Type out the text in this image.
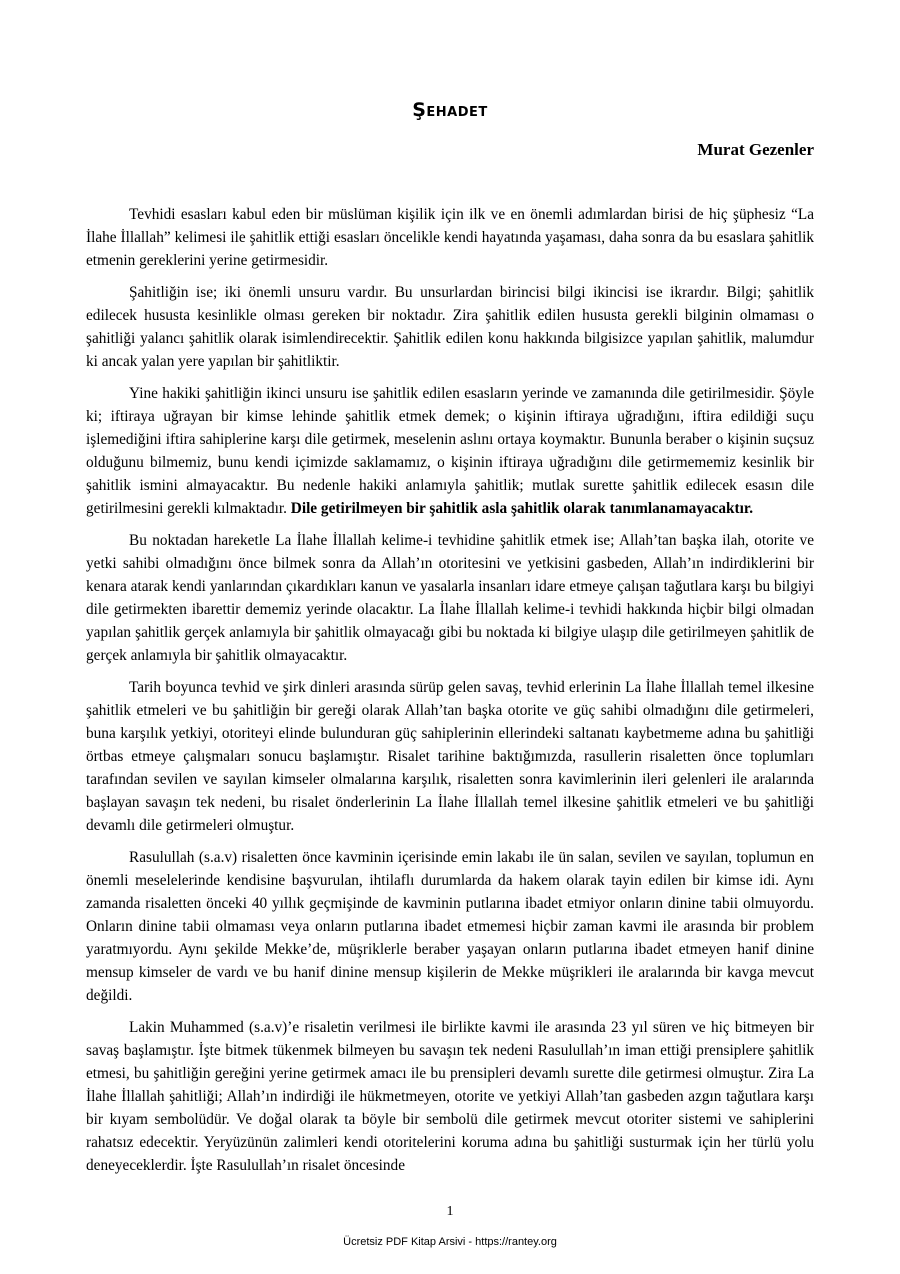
Şehadet

Murat Gezenler

Tevhidi esasları kabul eden bir müslüman kişilik için ilk ve en önemli adımlardan birisi de hiç şüphesiz “La İlahe İllallah” kelimesi ile şahitlik ettiği esasları öncelikle kendi hayatında yaşaması, daha sonra da bu esaslara şahitlik etmenin gereklerini yerine getirmesidir.

Şahitliğin ise; iki önemli unsuru vardır. Bu unsurlardan birincisi bilgi ikincisi ise ikrardır. Bilgi; şahitlik edilecek hususta kesinlikle olması gereken bir noktadır. Zira şahitlik edilen hususta gerekli bilginin olmaması o şahitliği yalancı şahitlik olarak isimlendirecektir. Şahitlik edilen konu hakkında bilgisizce yapılan şahitlik, malumdur ki ancak yalan yere yapılan bir şahitliktir.

Yine hakiki şahitliğin ikinci unsuru ise şahitlik edilen esasların yerinde ve zamanında dile getirilmesidir. Şöyle ki; iftiraya uğrayan bir kimse lehinde şahitlik etmek demek; o kişinin iftiraya uğradığını, iftira edildiği suçu işlemediğini iftira sahiplerine karşı dile getirmek, meselenin aslını ortaya koymaktır. Bununla beraber o kişinin suçsuz olduğunu bilmemiz, bunu kendi içimizde saklamamız, o kişinin iftiraya uğradığını dile getirmememiz kesinlik bir şahitlik ismini almayacaktır. Bu nedenle hakiki anlamıyla şahitlik; mutlak surette şahitlik edilecek esasın dile getirilmesini gerekli kılmaktadır. Dile getirilmeyen bir şahitlik asla şahitlik olarak tanımlanamayacaktır.

Bu noktadan hareketle La İlahe İllallah kelime-i tevhidine şahitlik etmek ise; Allah’tan başka ilah, otorite ve yetki sahibi olmadığını önce bilmek sonra da Allah’ın otoritesini ve yetkisini gasbeden, Allah’ın indirdiklerini bir kenara atarak kendi yanlarından çıkardıkları kanun ve yasalarla insanları idare etmeye çalışan tağutlara karşı bu bilgiyi dile getirmekten ibarettir dememiz yerinde olacaktır. La İlahe İllallah kelime-i tevhidi hakkında hiçbir bilgi olmadan yapılan şahitlik gerçek anlamıyla bir şahitlik olmayacağı gibi bu noktada ki bilgiye ulaşıp dile getirilmeyen şahitlik de gerçek anlamıyla bir şahitlik olmayacaktır.

Tarih boyunca tevhid ve şirk dinleri arasında sürüp gelen savaş, tevhid erlerinin La İlahe İllallah temel ilkesine şahitlik etmeleri ve bu şahitliğin bir gereği olarak Allah’tan başka otorite ve güç sahibi olmadığını dile getirmeleri, buna karşılık yetkiyi, otoriteyi elinde bulunduran güç sahiplerinin ellerindeki saltanatı kaybetmeme adına bu şahitliği örtbas etmeye çalışmaları sonucu başlamıştır. Risalet tarihine baktığımızda, rasullerin risaletten önce toplumları tarafından sevilen ve sayılan kimseler olmalarına karşılık, risaletten sonra kavimlerinin ileri gelenleri ile aralarında başlayan savaşın tek nedeni, bu risalet önderlerinin La İlahe İllallah temel ilkesine şahitlik etmeleri ve bu şahitliği devamlı dile getirmeleri olmuştur.

Rasulullah (s.a.v) risaletten önce kavminin içerisinde emin lakabı ile ün salan, sevilen ve sayılan, toplumun en önemli meselelerinde kendisine başvurulan, ihtilaflı durumlarda da hakem olarak tayin edilen bir kimse idi. Aynı zamanda risaletten önceki 40 yıllık geçmişinde de kavminin putlarına ibadet etmiyor onların dinine tabii olmuyordu. Onların dinine tabii olmaması veya onların putlarına ibadet etmemesi hiçbir zaman kavmi ile arasında bir problem yaratmıyordu. Aynı şekilde Mekke’de, müşriklerle beraber yaşayan onların putlarına ibadet etmeyen hanif dinine mensup kimseler de vardı ve bu hanif dinine mensup kişilerin de Mekke müşrikleri ile aralarında bir kavga mevcut değildi.

Lakin Muhammed (s.a.v)’e risaletin verilmesi ile birlikte kavmi ile arasında 23 yıl süren ve hiç bitmeyen bir savaş başlamıştır. İşte bitmek tükenmek bilmeyen bu savaşın tek nedeni Rasulullah’ın iman ettiği prensiplere şahitlik etmesi, bu şahitliğin gereğini yerine getirmek amacı ile bu prensipleri devamlı surette dile getirmesi olmuştur. Zira La İlahe İllallah şahitliği; Allah’ın indirdiği ile hükmetmeyen, otorite ve yetkiyi Allah’tan gasbeden azgın tağutlara karşı bir kıyam sembolüdür. Ve doğal olarak ta böyle bir sembolü dile getirmek mevcut otoriter sistemi ve sahiplerini rahatsız edecektir. Yeryüzünün zalimleri kendi otoritelerini koruma adına bu şahitliği susturmak için her türlü yolu deneyeceklerdir. İşte Rasulullah’ın risalet öncesinde

1

Ücretsiz PDF Kitap Arsivi - https://rantey.org
